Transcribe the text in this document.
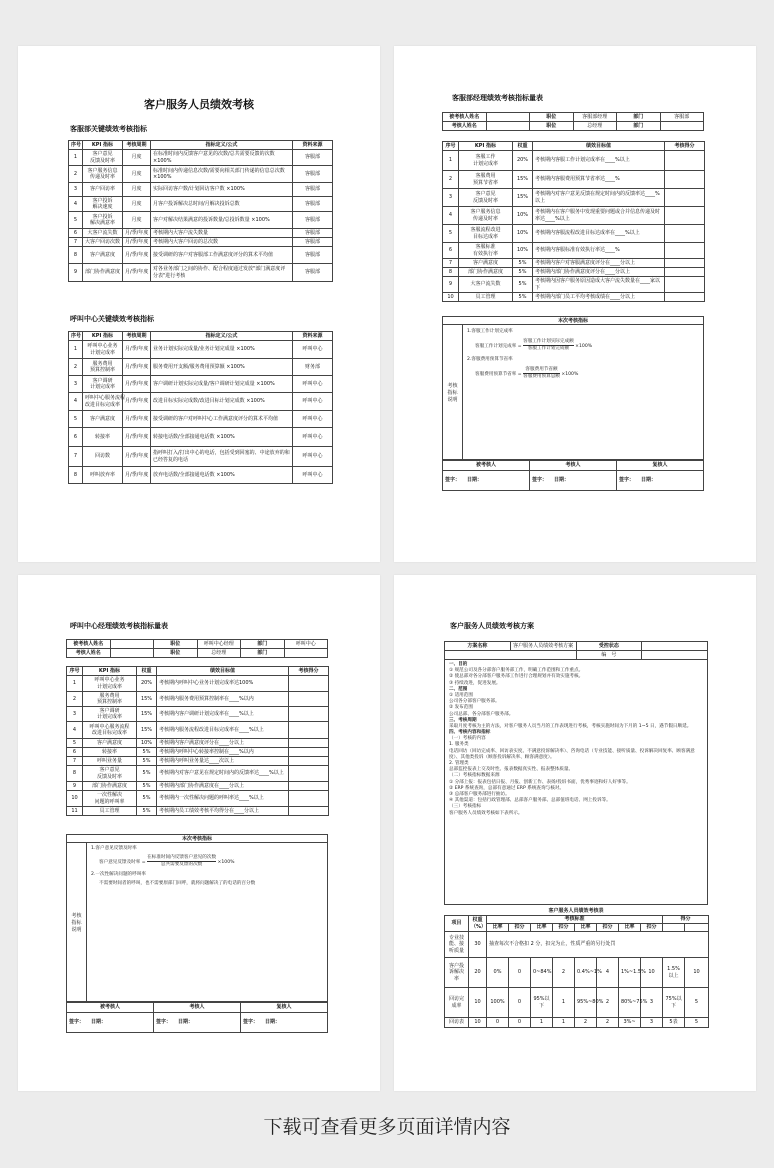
客户服务人员绩效考核
客服部关键绩效考核指标
序号	KPI 指标	考核周期	指标定义/公式	资料来源
1	客户意见
反馈及时率	月度	在标准时间内反馈客户意见的次数/总共需要反馈的次数 ×100%	客服部
2	客户服务信息
传递及时率	月度	标准时间内传递信息次数/需要向相关部门传递的信息总次数 ×100%	客服部
3	客户回访率	月度	实际回访客户数/计划回访客户数 ×100%	客服部
4	客户投诉
解决速度	月度	月客户投诉解决总时间/月解决投诉总数	客服部
5	客户投诉
解决满意率	月度	客户对解决结果满意的投诉数量/总投诉数量 ×100%	客服部
6	大客户流失数	月/季/年度	考核期内大客户流失数量	客服部
7	大客户回访次数	月/季/年度	考核期内大客户回访的总次数	客服部
8	客户满意度	月/季/年度	接受调研的客户对客服部工作满意度评分的算术平均值	客服部
9	部门协作满意度	月/季/年度	对各业务部门之间的协作、配合程度通过发放"部门满意度评分表"进行考核	客服部
呼叫中心关键绩效考核指标
序号	KPI 指标	考核周期	指标定义/公式	资料来源
1	呼叫中心业务
计划完成率	月/季/年度	业务计划实际完成量/业务计划完成量 ×100%	呼叫中心
2	服务费用
预算控制率	月/季/年度	服务费用开支额/服务费用预算额 ×100%	财务部
3	客户调研
计划完成率	月/季/年度	客户调研计划实际完成量/客户调研计划完成量 ×100%	呼叫中心
4	呼叫中心服务流程
改进目标完成率	月/季/年度	改进目标实际完成数/改进目标计划完成数 ×100%	呼叫中心
5	客户满意度	月/季/年度	接受调研的客户对呼叫中心工作满意度评分的算术平均值	呼叫中心
6	转接率	月/季/年度	转接电话数/全部接通电话数 ×100%	呼叫中心
7	回访数	月/季/年度	指呼叫打入/打出中心的电话，包括受到回塞的、中途放弃的和已经答复的电话	呼叫中心
8	呼叫放弃率	月/季/年度	放弃电话数/全部接通电话数 ×100%	呼叫中心
客服部经理绩效考核指标量表
被考核人姓名		职位	客服部经理	部门	客服部
考核人姓名		职位	总经理	部门	
序号	KPI 指标	权重	绩效目标值	考核得分
1	客服工作
计划完成率	20%	考核期内客服工作计划完成率在____%以上	
2	客服费用
预算节省率	15%	考核期内客服费用预算节省率达____%	
3	客户意见
反馈及时率	15%	考核期内对客户意见反馈在规定时间内的反馈率达____%以上	
4	客户服务信息
传递及时率	10%	考核期内在客户服务中发现重要问题或合并信息传递及时率达____%以上	
5	客服流程改进
目标达成率	10%	考核期内客服流程改进目标达成率在____%以上	
6	客服标准
有效执行率	10%	考核期内客服标准有效执行率达____%	
7	客户满意度	5%	考核期内客户对客服满意度评分在____分以上	
8	部门协作满意度	5%	考核期内部门协作满意度评分在____分以上	
9	大客户流失数	5%	考核期内因客户服务原因造成大客户流失数量在____家以下	
10	员工管理	5%	考核期内部门员工平均考核成绩在____分以上	
本次考核指标
考核
指标
说明
1.客服工作计划完成率
客服工作计划完成率 = $\frac{\text{客服工作计划实际完成额}}{\text{客服工作计划完成额}} \times 100\%$
2.客服费用预算节省率
客服费用预算节省率 = $\frac{\text{客服费用节省额}}{\text{客服费用预算总额}} \times 100\%$
被考核人	考核人	复核人
签字： 日期：	签字： 日期：	签字： 日期：
呼叫中心经理绩效考核指标量表
被考核人姓名		职位	呼叫中心经理	部门	呼叫中心
考核人姓名		职位	总经理	部门	
序号	KPI 指标	权重	绩效目标值	考核得分
1	呼叫中心业务
计划完成率	20%	考核期内呼叫中心业务计划完成率达100%	
2	服务费用
预算控制率	15%	考核期内服务费用预算控制率在____%以内	
3	客户调研
计划完成率	15%	考核期内客户调研计划完成率在____%以上	
4	呼叫中心服务流程
改进目标完成率	15%	考核期内服务流程改进目标完成率在____%以上	
5	客户满意度	10%	考核期内客户满意度评分在____分以上	
6	转接率	5%	考核期内呼叫中心转接率控制在____%以内	
7	呼叫业务量	5%	考核期内呼叫业务量达____次以上	
8	客户意见
反馈及时率	5%	考核期内对客户意见在规定时间内的反馈率达____%以上	
9	部门协作满意度	5%	考核期内部门协作满意度在____分以上	
10	一次性解决
问题的呼叫率	5%	考核期内一次性解决问题的呼叫率达____%以上	
11	员工管理	5%	考核期内员工绩效考核平均得分在____分以上	
本次考核指标
考核
指标
说明
1.客户意见反馈及时率
客户意见反馈及时率 = $\frac{\text{在标准时间内反馈客户意见的次数}}{\text{总共需要反馈的次数}} \times 100\%$
2.一次性解决问题的呼叫率
不需要时间者的呼叫，也不需要原部门回呼，就将问题解决了的电话的百分数
被考核人	考核人	复核人
签字： 日期：	签字： 日期：	签字： 日期：
客户服务人员绩效考核方案
方案名称	客户服务人员绩效考核方案	受控状态	
		编　号	
一、目的
① 规范公司及各分部客户服务部工作，明确工作范围和工作重点。
② 使总部对各分部客户服务部工作进行合理规划并有效实施考核。
③ 持续改进，促进发展。
二、范围
① 适用范围
公司各分部客户服务部。
② 发布范围
公司总部、各分部客户服务部。
三、考核周期
采取月度考核为主的方法，对客户服务人员当月的工作表现进行考核，考核实施时间为下月的 1~5 日，遇节假日顺延。
四、考核内容和指标
（一）考核的内容
1. 服务类
电话回访（回访完成率、回访表实度、不满意投诉解决率）、咨询电话（专业技能、接听质量、投诉解决回复率、顾客满意度）、其他类投诉（顾客投诉解决率、顾客满意度）。
2. 管理类
总部监控报表上交及时性、报表数据真实性、报表整体质量。
（二）考核指标数据来源
① 分部上报：报表包括日报、月报、创新工作、表扬/投诉书面，优秀事迹和好人好事等。
② ERP 系统查询，总部有意通过 ERP 系统查询与核对。
③ 总部客户服务部进行抽访。
④ 其他渠道：包括行政管理部、总部客户服务部、总部值班电话、网上投诉等。
（三）考核指标
客户服务人员绩效考核如下表所示。
客户服务人员绩效考核表
项目	权重（%）	考核标准								得分	
		比率	扣分	比率	扣分	比率	扣分	比率	扣分		
专业技能、接听质量	30	抽查每次不合格扣 2 分，扣完为止，性质严重的另行处罚									
客户投诉解决率	20	0%	0	0~84%	2	0.4%~1%	4	1%~1.5%	10	1.5%以上	10
回访完成率	10	100%	0	95%以下	1	95%~80%	2	80%~75%	3	75%以下	5
回访表	10	0	0	1	1	2	2	3%~	3	5表	5
下载可查看更多页面详情内容
